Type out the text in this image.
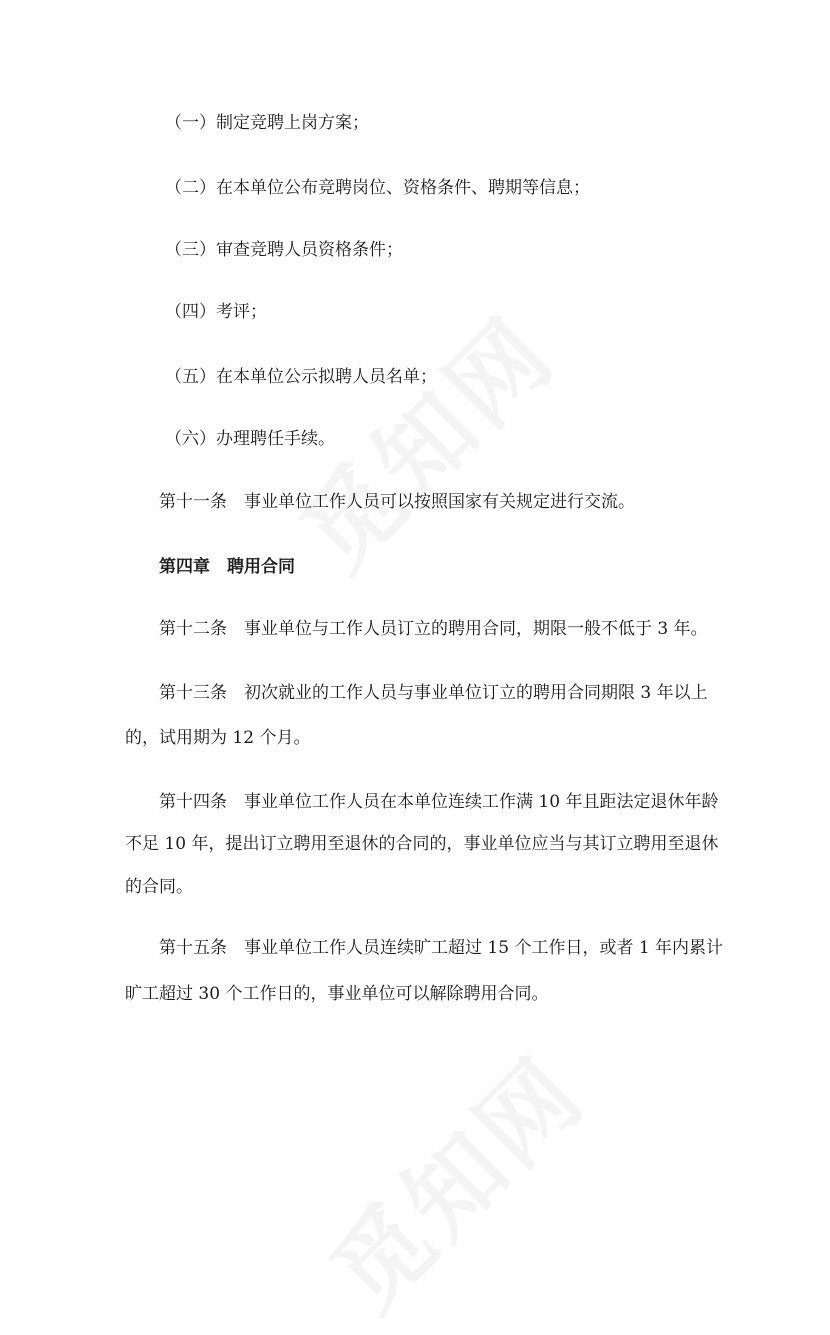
（一）制定竞聘上岗方案；
（二）在本单位公布竞聘岗位、资格条件、聘期等信息；
（三）审查竞聘人员资格条件；
（四）考评；
（五）在本单位公示拟聘人员名单；
（六）办理聘任手续。
第十一条 事业单位工作人员可以按照国家有关规定进行交流。
第四章 聘用合同
第十二条 事业单位与工作人员订立的聘用合同，期限一般不低于 3 年。
第十三条 初次就业的工作人员与事业单位订立的聘用合同期限 3 年以上
的，试用期为 12 个月。
第十四条 事业单位工作人员在本单位连续工作满 10 年且距法定退休年龄
不足 10 年，提出订立聘用至退休的合同的，事业单位应当与其订立聘用至退休
的合同。
第十五条 事业单位工作人员连续旷工超过 15 个工作日，或者 1 年内累计
旷工超过 30 个工作日的，事业单位可以解除聘用合同。
